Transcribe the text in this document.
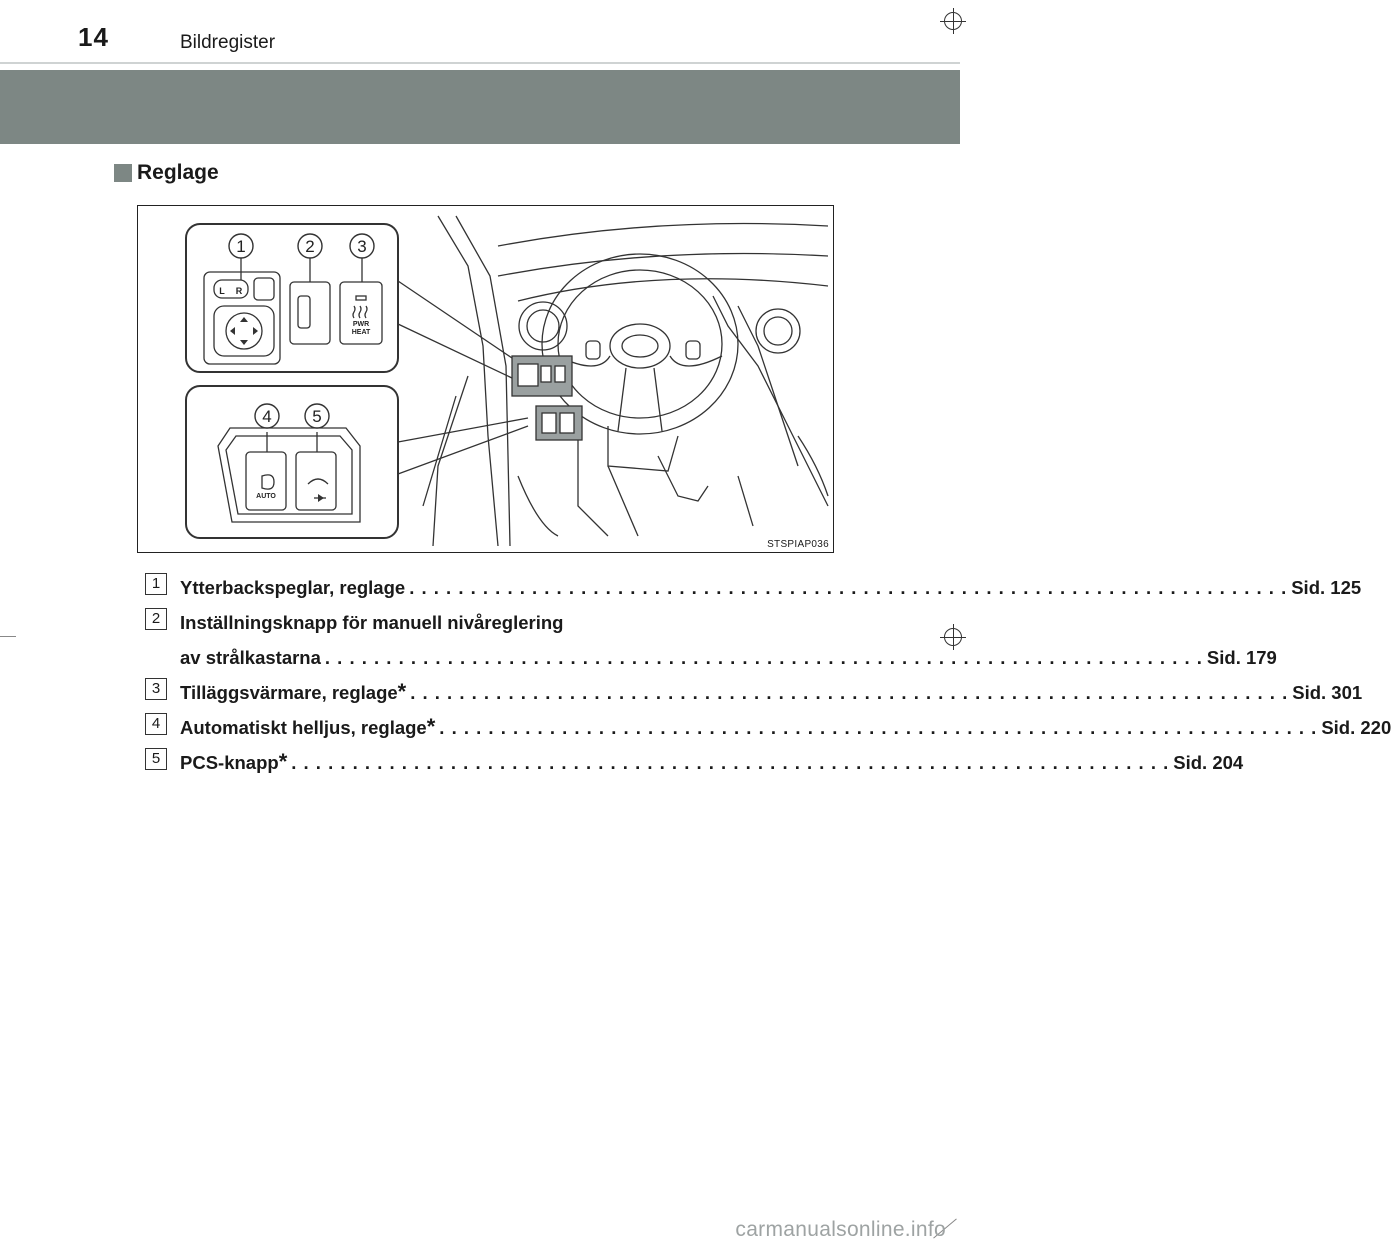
14	Bildregister
Reglage
1	2	3
4 5
L R
PWR
HEAT
AUTO
STSPIAP036
1	Ytterbackspeglar, reglage . . .	Sid. 125
2	Inställningsknapp för manuell nivåreglering
av strålkastarna . . .	Sid. 179
3	Tilläggsvärmare, reglage * . . .	Sid. 301
4	Automatiskt helljus, reglage * . . .	Sid. 220
5	PCS-knapp * . . .	Sid. 204
carmanualsonline.info
